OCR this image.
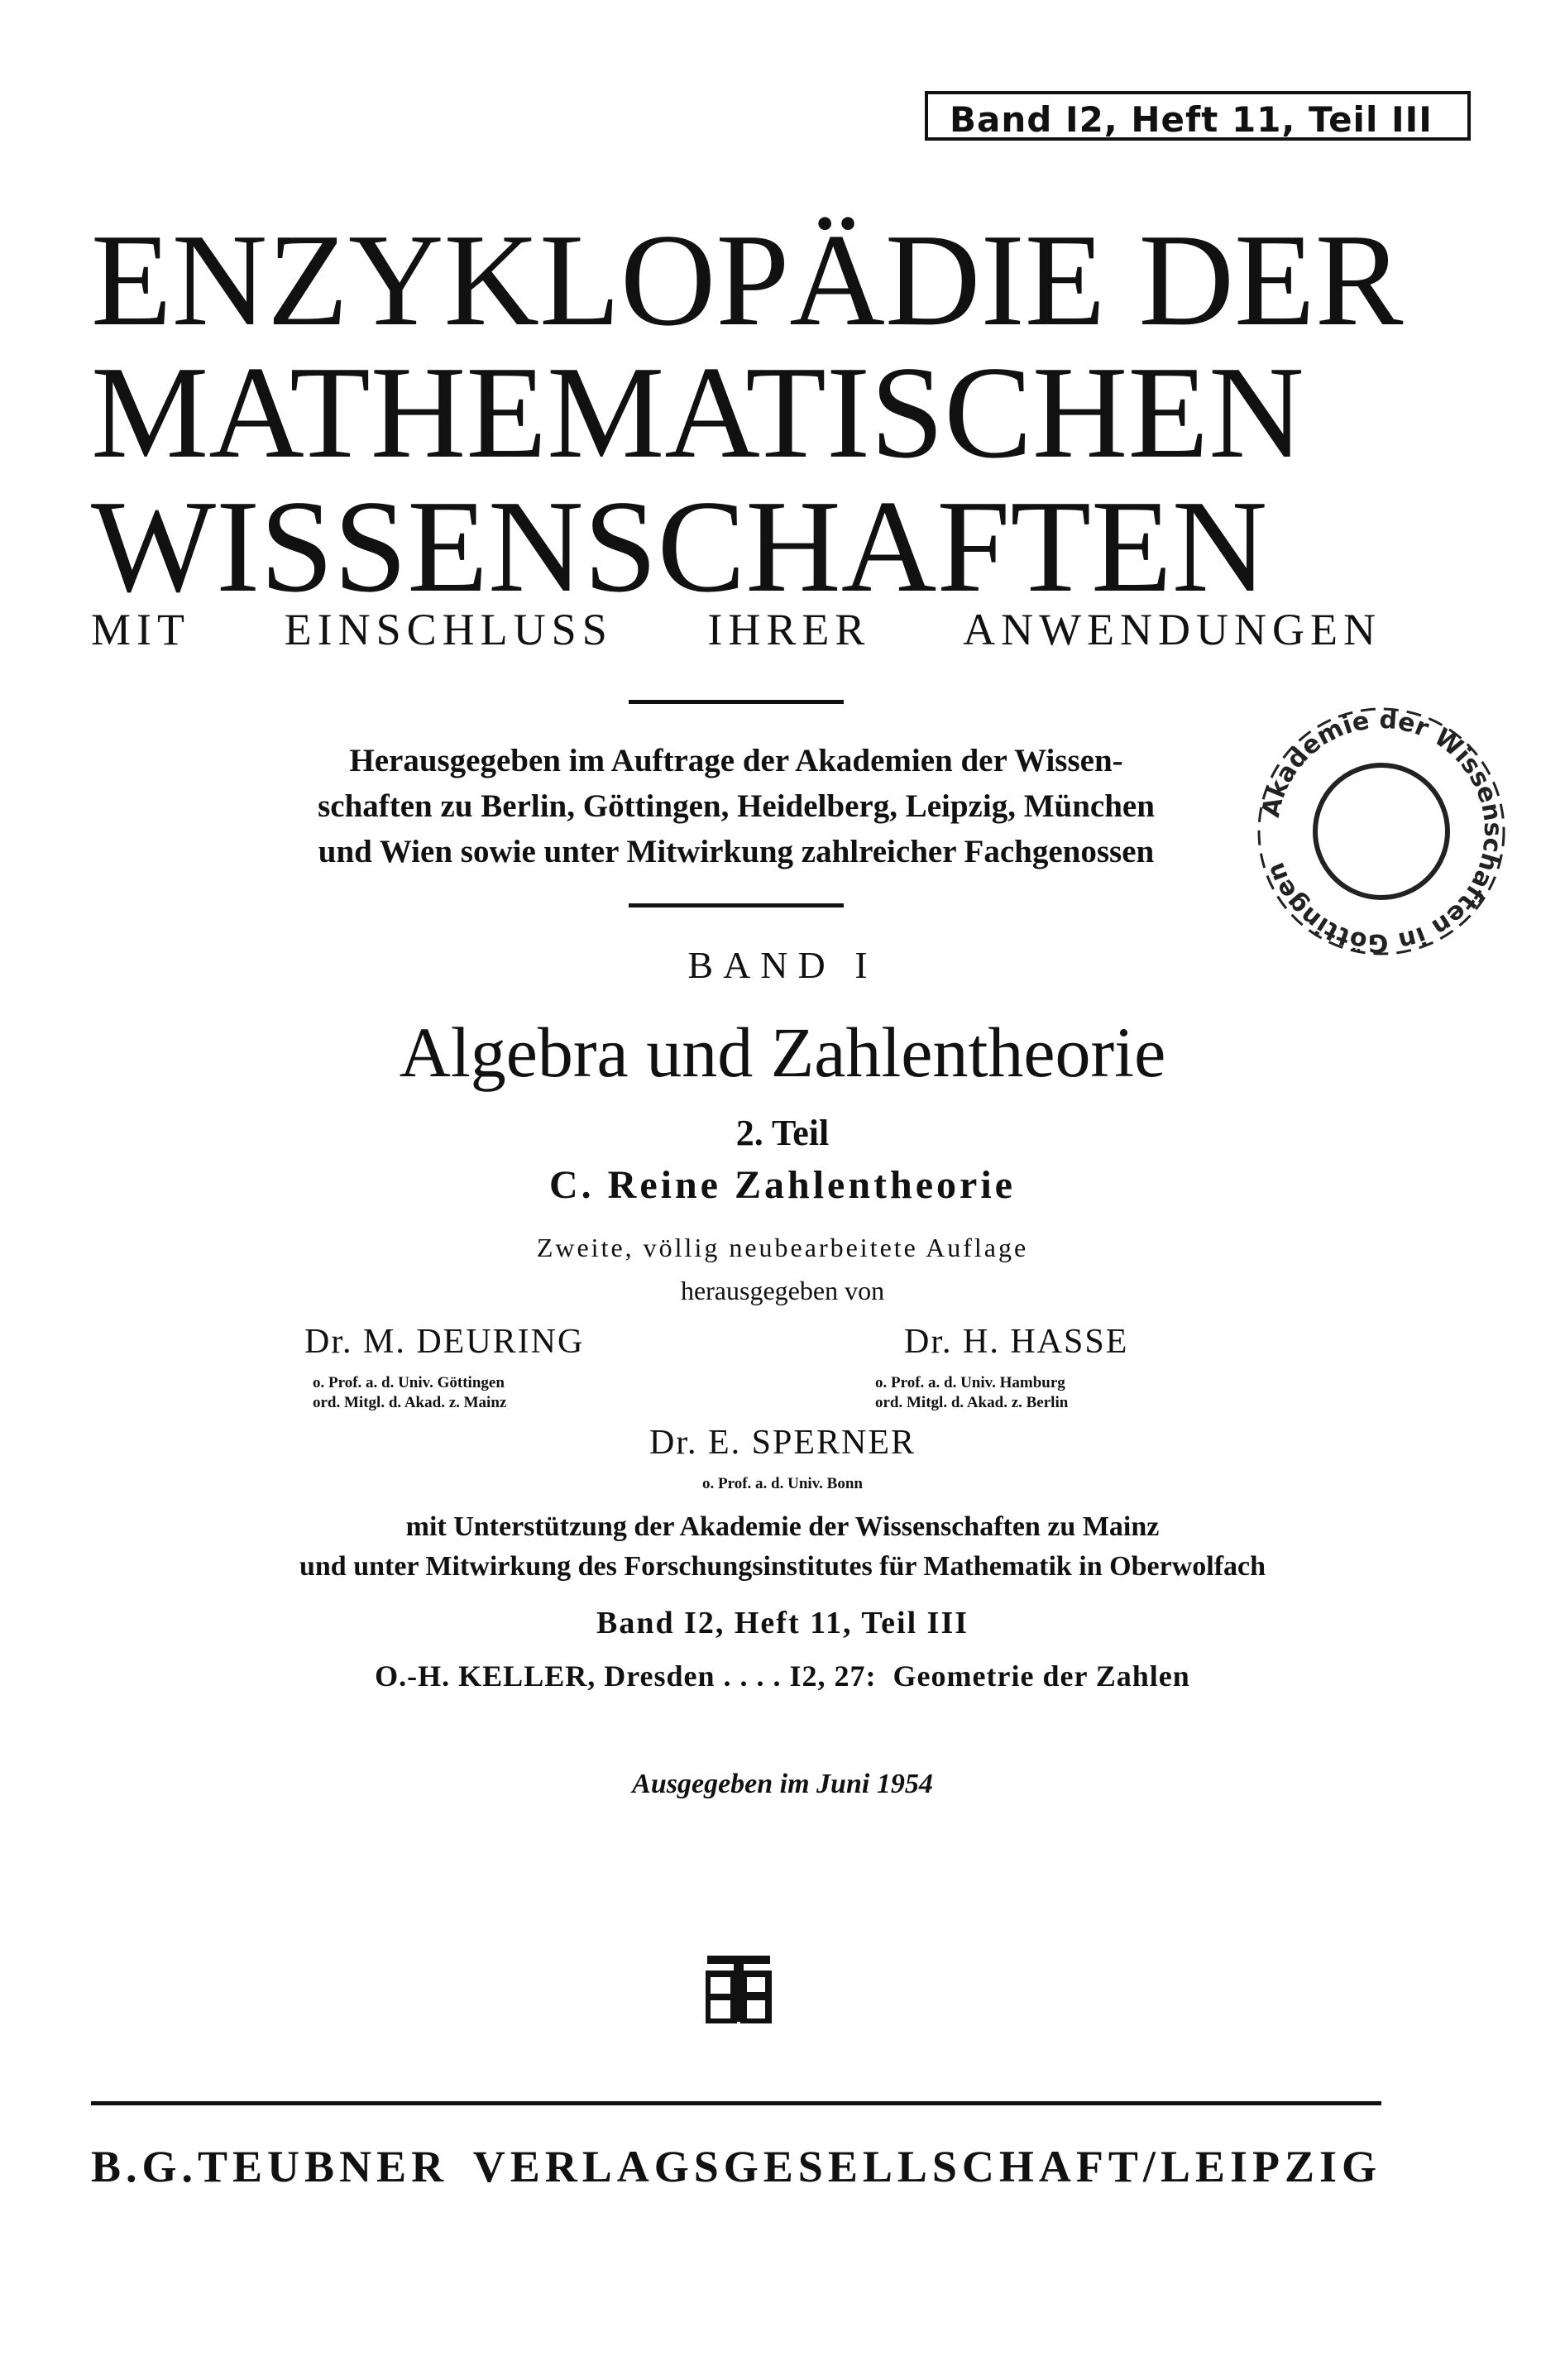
Band I2, Heft 11, Teil III
ENZYKLOPÄDIE DER
MATHEMATISCHEN
WISSENSCHAFTEN
MIT EINSCHLUSS IHRER ANWENDUNGEN
Herausgegeben im Auftrage der Akademien der Wissen-
schaften zu Berlin, Göttingen, Heidelberg, Leipzig, München
und Wien sowie unter Mitwirkung zahlreicher Fachgenossen
Akademie der Wissenschaften in Göttingen
BAND I
Algebra und Zahlentheorie
2. Teil
C. Reine Zahlentheorie
Zweite, völlig neubearbeitete Auflage
herausgegeben von
Dr. M. DEURING
o. Prof. a. d. Univ. Göttingen
ord. Mitgl. d. Akad. z. Mainz
Dr. H. HASSE
o. Prof. a. d. Univ. Hamburg
ord. Mitgl. d. Akad. z. Berlin
Dr. E. SPERNER
o. Prof. a. d. Univ. Bonn
mit Unterstützung der Akademie der Wissenschaften zu Mainz
und unter Mitwirkung des Forschungsinstitutes für Mathematik in Oberwolfach
Band I2, Heft 11, Teil III
O.-H. KELLER, Dresden . . . . I2, 27:  Geometrie der Zahlen
Ausgegeben im Juni 1954
B.G.TEUBNER VERLAGSGESELLSCHAFT/LEIPZIG
